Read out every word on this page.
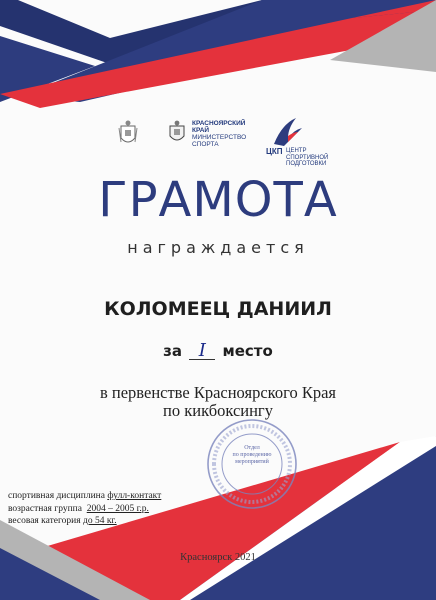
КРАСНОЯРСКИЙ
КРАЙ
МИНИСТЕРСТВО
СПОРТА
ЦКП ЦЕНТР
СПОРТИВНОЙ
ПОДГОТОВКИ
ГРАМОТА
награждается
КОЛОМЕЕЦ ДАНИИЛ
за I место
в первенстве Красноярского Края
по кикбоксингу
Отдел
по проведению
мероприятий
спортивная дисциплина фулл-контакт
возрастная группа 2004 – 2005 г.р.
весовая категория до 54 кг.
Красноярск 2021
